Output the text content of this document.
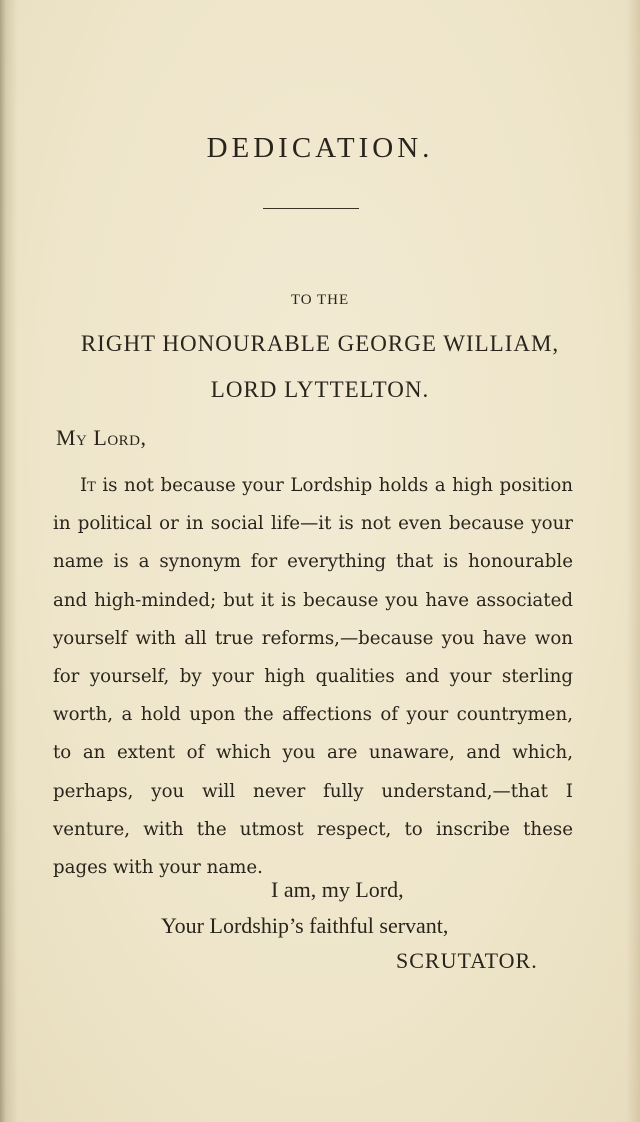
DEDICATION.
TO THE
RIGHT HONOURABLE GEORGE WILLIAM,
LORD LYTTELTON.
My Lord,

It is not because your Lordship holds a high position in political or in social life—it is not even because your name is a synonym for everything that is honourable and high-minded; but it is because you have associated yourself with all true reforms,—because you have won for yourself, by your high qualities and your sterling worth, a hold upon the affections of your countrymen, to an extent of which you are unaware, and which, perhaps, you will never fully understand,—that I venture, with the utmost respect, to inscribe these pages with your name.

I am, my Lord,
Your Lordship’s faithful servant,
SCRUTATOR.
